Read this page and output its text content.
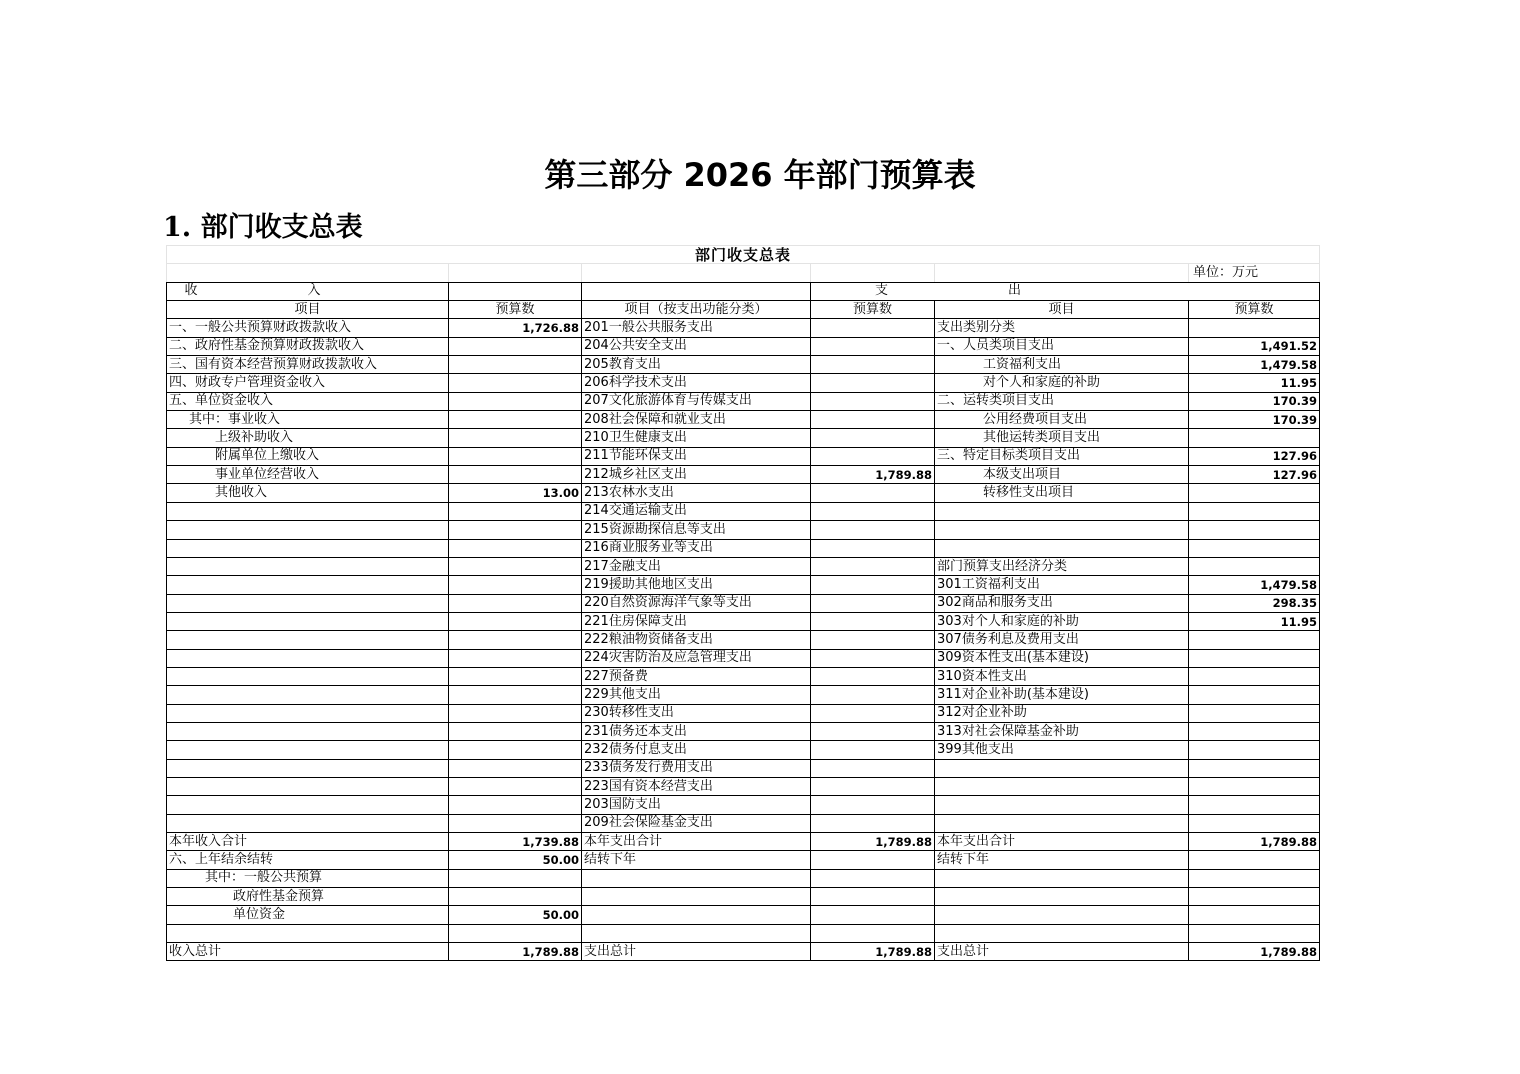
第三部分 2026 年部门预算表
1. 部门收支总表
部门收支总表					
					单位：万元
收入			支出		
项目	预算数	项目（按支出功能分类）	预算数	项目	预算数
一、一般公共预算财政拨款收入	1,726.88	201一般公共服务支出		支出类别分类	
二、政府性基金预算财政拨款收入		204公共安全支出		一、人员类项目支出	1,491.52
三、国有资本经营预算财政拨款收入		205教育支出		工资福利支出	1,479.58
四、财政专户管理资金收入		206科学技术支出		对个人和家庭的补助	11.95
五、单位资金收入		207文化旅游体育与传媒支出		二、运转类项目支出	170.39
其中：事业收入		208社会保障和就业支出		公用经费项目支出	170.39
上级补助收入		210卫生健康支出		其他运转类项目支出	
附属单位上缴收入		211节能环保支出		三、特定目标类项目支出	127.96
事业单位经营收入		212城乡社区支出	1,789.88	本级支出项目	127.96
其他收入	13.00	213农林水支出		转移性支出项目	
		214交通运输支出			
		215资源勘探信息等支出			
		216商业服务业等支出			
		217金融支出		部门预算支出经济分类	
		219援助其他地区支出		301工资福利支出	1,479.58
		220自然资源海洋气象等支出		302商品和服务支出	298.35
		221住房保障支出		303对个人和家庭的补助	11.95
		222粮油物资储备支出		307债务利息及费用支出	
		224灾害防治及应急管理支出		309资本性支出(基本建设)	
		227预备费		310资本性支出	
		229其他支出		311对企业补助(基本建设)	
		230转移性支出		312对企业补助	
		231债务还本支出		313对社会保障基金补助	
		232债务付息支出		399其他支出	
		233债务发行费用支出			
		223国有资本经营支出			
		203国防支出			
		209社会保险基金支出			
本年收入合计	1,739.88	本年支出合计	1,789.88	本年支出合计	1,789.88
六、上年结余结转	50.00	结转下年		结转下年	
其中：一般公共预算					
政府性基金预算					
单位资金	50.00				

收入总计	1,789.88	支出总计	1,789.88	支出总计	1,789.88
